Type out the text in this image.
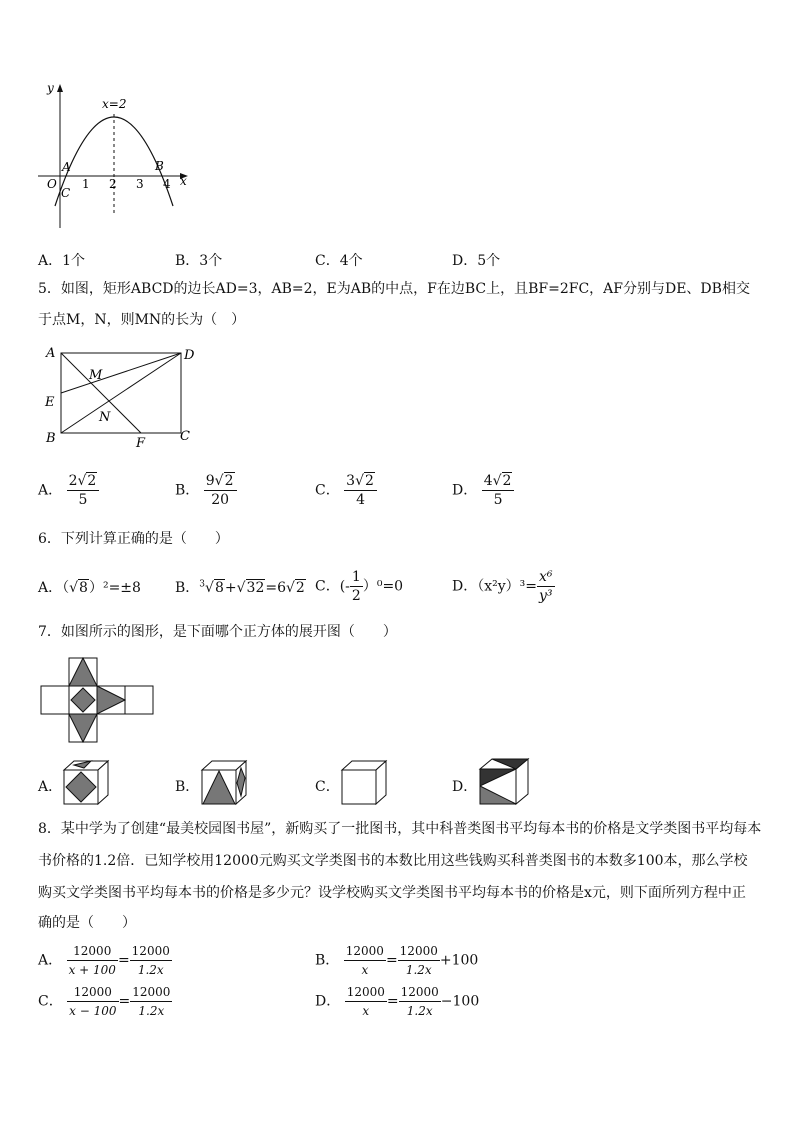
y
x
O
x=2
A	B
C
1 2 3 4
A．1个	B．3个	C．4个	D．5个
5．如图，矩形ABCD的边长AD=3，AB=2，E为AB的中点，F在边BC上，且BF=2FC，AF分别与DE、DB相交于点M，N，则MN的长为（　）
A	D
M
E
N
B	F	C
A． $\frac{2√2}{5}$	B． $\frac{9√2}{20}$	C． $\frac{3√2}{4}$	D． $\frac{4√2}{5}$
6．下列计算正确的是（　　）
A．（√8）²=±8 B．$^3$√8+√32=6√2 C．(- $\frac{1}{2} )^0=0$	D．$(x^2y)^3= \frac{\text{x⁶}}{\text{y³}}$
7．如图所示的图形，是下面哪个正方体的展开图（　　）
A．	B．	C．	D．
8．某中学为了创建“最美校园图书屋”，新购买了一批图书，其中科普类图书平均每本书的价格是文学类图书平均每本
书价格的1.2倍．已知学校用12000元购买文学类图书的本数比用这些钱购买科普类图书的本数多100本，那么学校
购买文学类图书平均每本书的价格是多少元？设学校购买文学类图书平均每本书的价格是x元，则下面所列方程中正
确的是（　　）
A． $\frac{12000}{x + 100} = \frac{12000}{1.2x}$	B． $\frac{12000}{x} = \frac{12000}{1.2x} +100$
C． $\frac{12000}{x - 100} = \frac{12000}{1.2x}$	D． $\frac{12000}{x} = \frac{12000}{1.2x} -100$
